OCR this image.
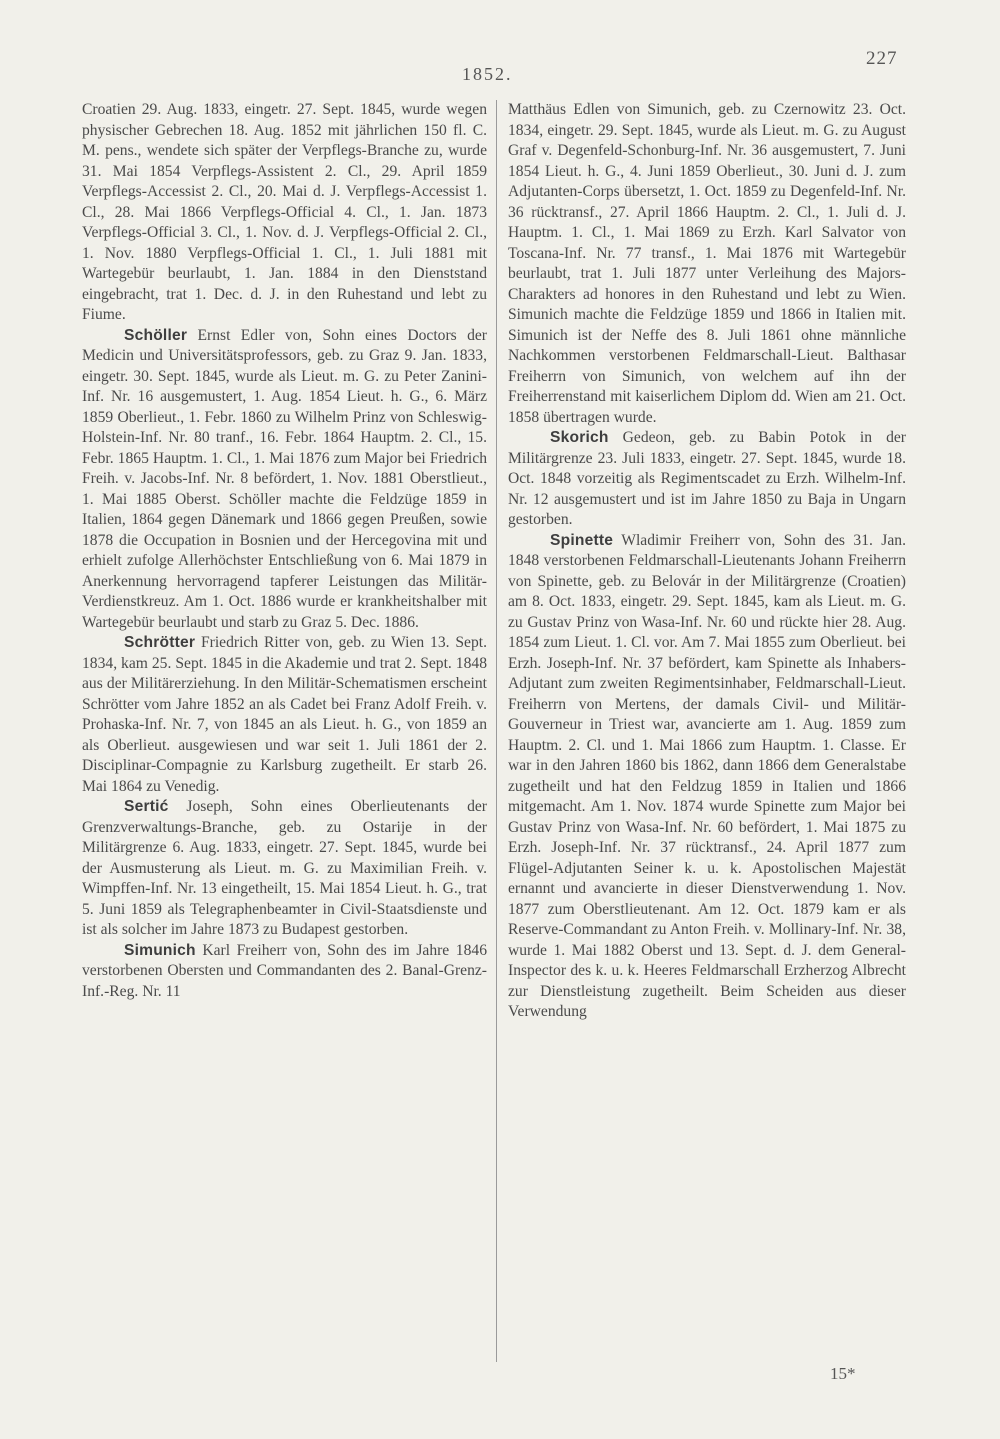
227
1852.

Croatien 29. Aug. 1833, eingetr. 27. Sept. 1845, wurde wegen physischer Gebrechen 18. Aug. 1852 mit jährlichen 150 fl. C. M. pens., wendete sich später der Verpflegs-Branche zu, wurde 31. Mai 1854 Verpflegs-Assistent 2. Cl., 29. April 1859 Verpflegs-Accessist 2. Cl., 20. Mai d. J. Verpflegs-Accessist 1. Cl., 28. Mai 1866 Verpflegs-Official 4. Cl., 1. Jan. 1873 Verpflegs-Official 3. Cl., 1. Nov. d. J. Verpflegs-Official 2. Cl., 1. Nov. 1880 Verpflegs-Official 1. Cl., 1. Juli 1881 mit Wartegebür beurlaubt, 1. Jan. 1884 in den Dienststand eingebracht, trat 1. Dec. d. J. in den Ruhestand und lebt zu Fiume.

Schöller Ernst Edler von, Sohn eines Doctors der Medicin und Universitätsprofessors, geb. zu Graz 9. Jan. 1833, eingetr. 30. Sept. 1845, wurde als Lieut. m. G. zu Peter Zanini-Inf. Nr. 16 ausgemustert, 1. Aug. 1854 Lieut. h. G., 6. März 1859 Oberlieut., 1. Febr. 1860 zu Wilhelm Prinz von Schleswig-Holstein-Inf. Nr. 80 tranf., 16. Febr. 1864 Hauptm. 2. Cl., 15. Febr. 1865 Hauptm. 1. Cl., 1. Mai 1876 zum Major bei Friedrich Freih. v. Jacobs-Inf. Nr. 8 befördert, 1. Nov. 1881 Oberstlieut., 1. Mai 1885 Oberst. Schöller machte die Feldzüge 1859 in Italien, 1864 gegen Dänemark und 1866 gegen Preußen, sowie 1878 die Occupation in Bosnien und der Hercegovina mit und erhielt zufolge Allerhöchster Entschließung von 6. Mai 1879 in Anerkennung hervorragend tapferer Leistungen das Militär-Verdienstkreuz. Am 1. Oct. 1886 wurde er krankheitshalber mit Wartegebür beurlaubt und starb zu Graz 5. Dec. 1886.

Schrötter Friedrich Ritter von, geb. zu Wien 13. Sept. 1834, kam 25. Sept. 1845 in die Akademie und trat 2. Sept. 1848 aus der Militärerziehung. In den Militär-Schematismen erscheint Schrötter vom Jahre 1852 an als Cadet bei Franz Adolf Freih. v. Prohaska-Inf. Nr. 7, von 1845 an als Lieut. h. G., von 1859 an als Oberlieut. ausgewiesen und war seit 1. Juli 1861 der 2. Disciplinar-Compagnie zu Karlsburg zugetheilt. Er starb 26. Mai 1864 zu Venedig.

Sertić Joseph, Sohn eines Oberlieutenants der Grenzverwaltungs-Branche, geb. zu Ostarije in der Militärgrenze 6. Aug. 1833, eingetr. 27. Sept. 1845, wurde bei der Ausmusterung als Lieut. m. G. zu Maximilian Freih. v. Wimpffen-Inf. Nr. 13 eingetheilt, 15. Mai 1854 Lieut. h. G., trat 5. Juni 1859 als Telegraphenbeamter in Civil-Staatsdienste und ist als solcher im Jahre 1873 zu Budapest gestorben.

Simunich Karl Freiherr von, Sohn des im Jahre 1846 verstorbenen Obersten und Commandanten des 2. Banal-Grenz-Inf.-Reg. Nr. 11

Matthäus Edlen von Simunich, geb. zu Czernowitz 23. Oct. 1834, eingetr. 29. Sept. 1845, wurde als Lieut. m. G. zu August Graf v. Degenfeld-Schonburg-Inf. Nr. 36 ausgemustert, 7. Juni 1854 Lieut. h. G., 4. Juni 1859 Oberlieut., 30. Juni d. J. zum Adjutanten-Corps übersetzt, 1. Oct. 1859 zu Degenfeld-Inf. Nr. 36 rücktransf., 27. April 1866 Hauptm. 2. Cl., 1. Juli d. J. Hauptm. 1. Cl., 1. Mai 1869 zu Erzh. Karl Salvator von Toscana-Inf. Nr. 77 transf., 1. Mai 1876 mit Wartegebür beurlaubt, trat 1. Juli 1877 unter Verleihung des Majors-Charakters ad honores in den Ruhestand und lebt zu Wien. Simunich machte die Feldzüge 1859 und 1866 in Italien mit. Simunich ist der Neffe des 8. Juli 1861 ohne männliche Nachkommen verstorbenen Feldmarschall-Lieut. Balthasar Freiherrn von Simunich, von welchem auf ihn der Freiherrenstand mit kaiserlichem Diplom dd. Wien am 21. Oct. 1858 übertragen wurde.

Skorich Gedeon, geb. zu Babin Potok in der Militärgrenze 23. Juli 1833, eingetr. 27. Sept. 1845, wurde 18. Oct. 1848 vorzeitig als Regimentscadet zu Erzh. Wilhelm-Inf. Nr. 12 ausgemustert und ist im Jahre 1850 zu Baja in Ungarn gestorben.

Spinette Wladimir Freiherr von, Sohn des 31. Jan. 1848 verstorbenen Feldmarschall-Lieutenants Johann Freiherrn von Spinette, geb. zu Belovár in der Militärgrenze (Croatien) am 8. Oct. 1833, eingetr. 29. Sept. 1845, kam als Lieut. m. G. zu Gustav Prinz von Wasa-Inf. Nr. 60 und rückte hier 28. Aug. 1854 zum Lieut. 1. Cl. vor. Am 7. Mai 1855 zum Oberlieut. bei Erzh. Joseph-Inf. Nr. 37 befördert, kam Spinette als Inhabers-Adjutant zum zweiten Regimentsinhaber, Feldmarschall-Lieut. Freiherrn von Mertens, der damals Civil- und Militär-Gouverneur in Triest war, avancierte am 1. Aug. 1859 zum Hauptm. 2. Cl. und 1. Mai 1866 zum Hauptm. 1. Classe. Er war in den Jahren 1860 bis 1862, dann 1866 dem Generalstabe zugetheilt und hat den Feldzug 1859 in Italien und 1866 mitgemacht. Am 1. Nov. 1874 wurde Spinette zum Major bei Gustav Prinz von Wasa-Inf. Nr. 60 befördert, 1. Mai 1875 zu Erzh. Joseph-Inf. Nr. 37 rücktransf., 24. April 1877 zum Flügel-Adjutanten Seiner k. u. k. Apostolischen Majestät ernannt und avancierte in dieser Dienstverwendung 1. Nov. 1877 zum Oberstlieutenant. Am 12. Oct. 1879 kam er als Reserve-Commandant zu Anton Freih. v. Mollinary-Inf. Nr. 38, wurde 1. Mai 1882 Oberst und 13. Sept. d. J. dem General-Inspector des k. u. k. Heeres Feldmarschall Erzherzog Albrecht zur Dienstleistung zugetheilt. Beim Scheiden aus dieser Verwendung

15*
